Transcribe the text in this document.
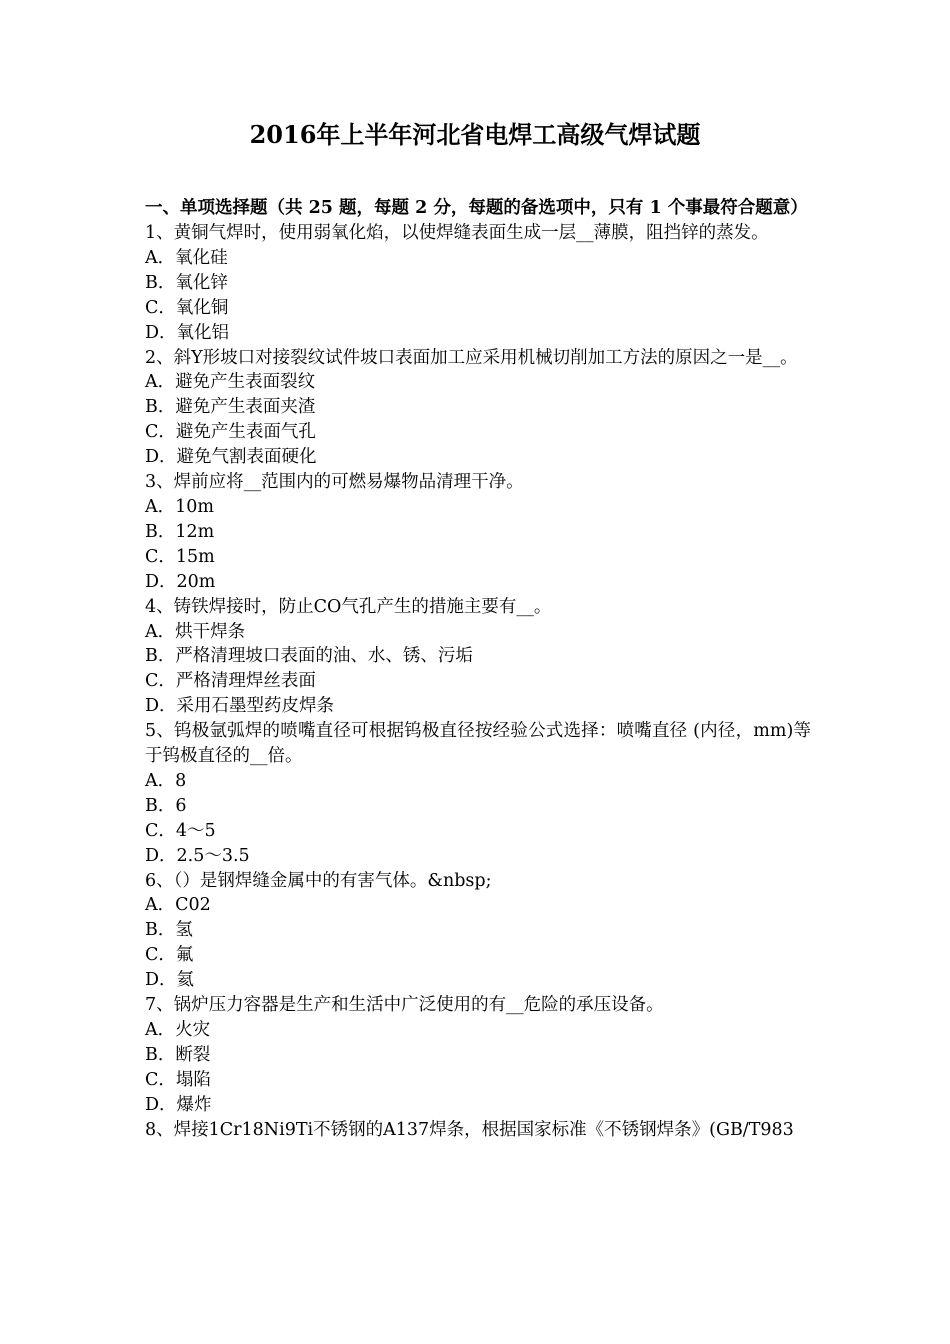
2016年上半年河北省电焊工高级气焊试题
一、单项选择题（共 25 题，每题 2 分，每题的备选项中，只有 1 个事最符合题意）
1、黄铜气焊时，使用弱氧化焰，以使焊缝表面生成一层__薄膜，阻挡锌的蒸发。
A．氧化硅
B．氧化锌
C．氧化铜
D．氧化铝
2、斜Y形坡口对接裂纹试件坡口表面加工应采用机械切削加工方法的原因之一是__。
A．避免产生表面裂纹
B．避免产生表面夹渣
C．避免产生表面气孔
D．避免气割表面硬化
3、焊前应将__范围内的可燃易爆物品清理干净。
A．10m
B．12m
C．15m
D．20m
4、铸铁焊接时，防止CO气孔产生的措施主要有__。
A．烘干焊条
B．严格清理坡口表面的油、水、锈、污垢
C．严格清理焊丝表面
D．采用石墨型药皮焊条
5、钨极氩弧焊的喷嘴直径可根据钨极直径按经验公式选择：喷嘴直径 (内径，mm)等于钨极直径的__倍。
A．8
B．6
C．4～5
D．2.5～3.5
6、（）是钢焊缝金属中的有害气体。&nbsp;
A．C02
B．氢
C．氟
D．氦
7、锅炉压力容器是生产和生活中广泛使用的有__危险的承压设备。
A．火灾
B．断裂
C．塌陷
D．爆炸
8、焊接1Cr18Ni9Ti不锈钢的A137焊条，根据国家标准《不锈钢焊条》(GB/T983
